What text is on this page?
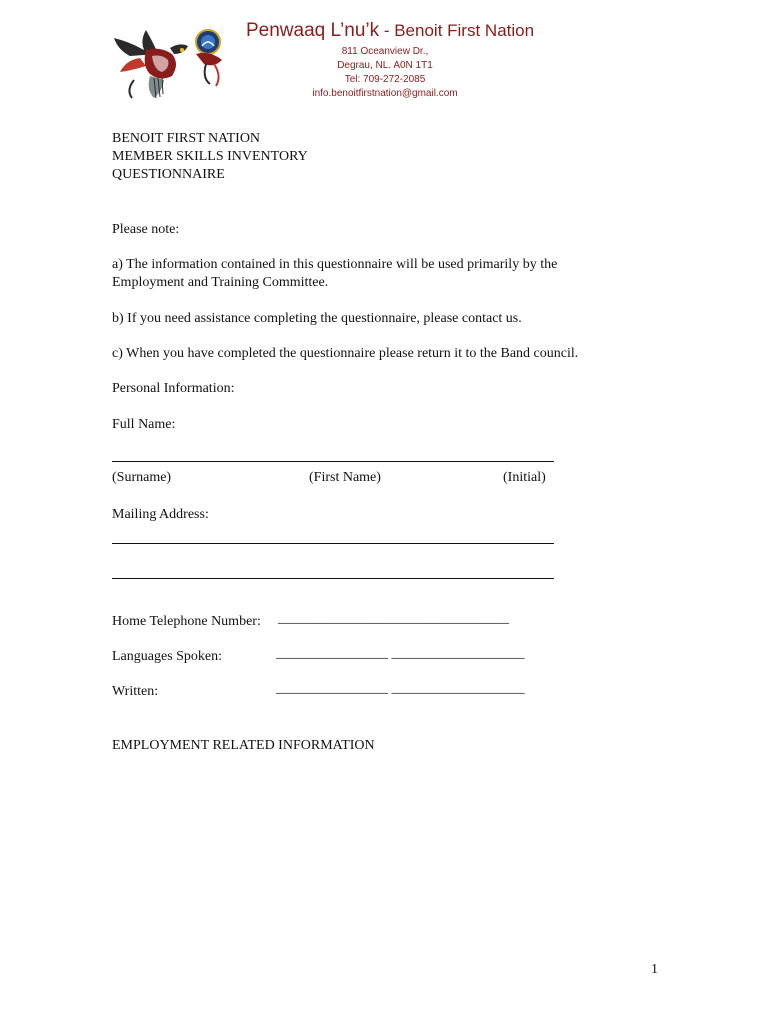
Penwaaq L’nu’k - Benoit First Nation
811 Oceanview Dr.,
Degrau, NL. A0N 1T1
Tel: 709-272-2085
info.benoitfirstnation@gmail.com
BENOIT FIRST NATION
MEMBER SKILLS INVENTORY
QUESTIONNAIRE
Please note:
a) The information contained in this questionnaire will be used primarily by the Employment and Training Committee.
b) If you need assistance completing the questionnaire, please contact us.
c) When you have completed the questionnaire please return it to the Band council.
Personal Information:
Full Name:
(Surname)	(First Name)	(Initial)
Mailing Address:
Home Telephone Number: _________________________________
Languages Spoken:	________________ ___________________
Written:	________________ ___________________
EMPLOYMENT RELATED INFORMATION
1
